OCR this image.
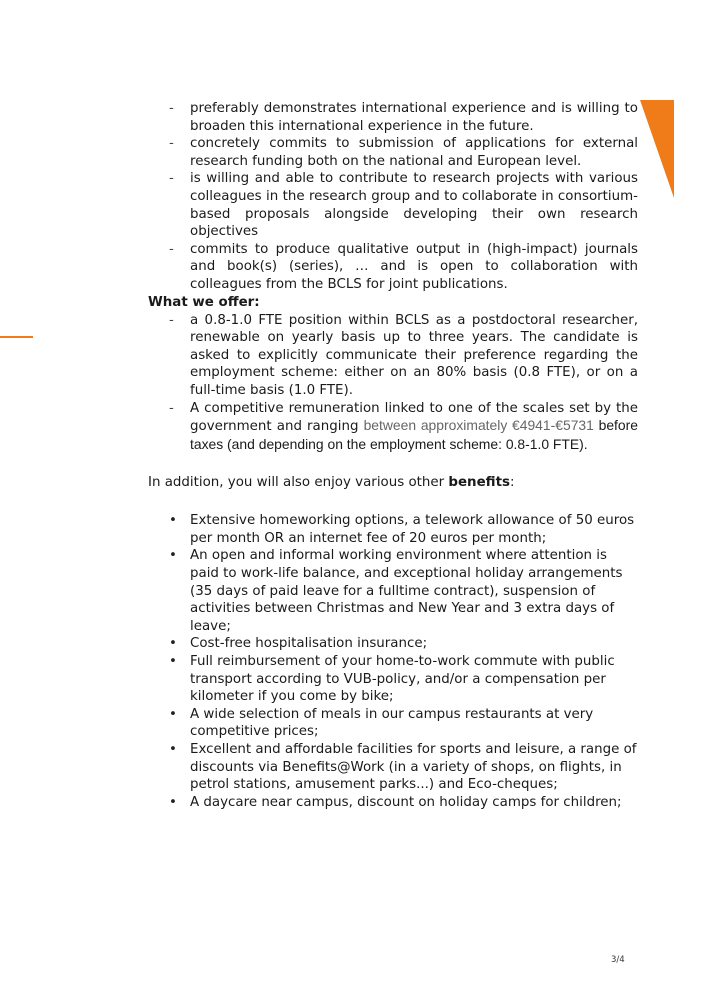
- preferably demonstrates international experience and is willing to broaden this international experience in the future.
- concretely commits to submission of applications for external research funding both on the national and European level.
- is willing and able to contribute to research projects with various colleagues in the research group and to collaborate in consortium-based proposals alongside developing their own research objectives
- commits to produce qualitative output in (high-impact) journals and book(s) (series), … and is open to collaboration with colleagues from the BCLS for joint publications.

What we offer:

- a 0.8-1.0 FTE position within BCLS as a postdoctoral researcher, renewable on yearly basis up to three years. The candidate is asked to explicitly communicate their preference regarding the employment scheme: either on an 80% basis (0.8 FTE), or on a full-time basis (1.0 FTE).
- A competitive remuneration linked to one of the scales set by the government and ranging between approximately €4941-€5731 before taxes (and depending on the employment scheme: 0.8-1.0 FTE).

In addition, you will also enjoy various other benefits:

• Extensive homeworking options, a telework allowance of 50 euros per month OR an internet fee of 20 euros per month;
• An open and informal working environment where attention is paid to work-life balance, and exceptional holiday arrangements (35 days of paid leave for a fulltime contract), suspension of activities between Christmas and New Year and 3 extra days of leave;
• Cost-free hospitalisation insurance;
• Full reimbursement of your home-to-work commute with public transport according to VUB-policy, and/or a compensation per kilometer if you come by bike;
• A wide selection of meals in our campus restaurants at very competitive prices;
• Excellent and affordable facilities for sports and leisure, a range of discounts via Benefits@Work (in a variety of shops, on flights, in petrol stations, amusement parks...) and Eco-cheques;
• A daycare near campus, discount on holiday camps for children;
3/4
